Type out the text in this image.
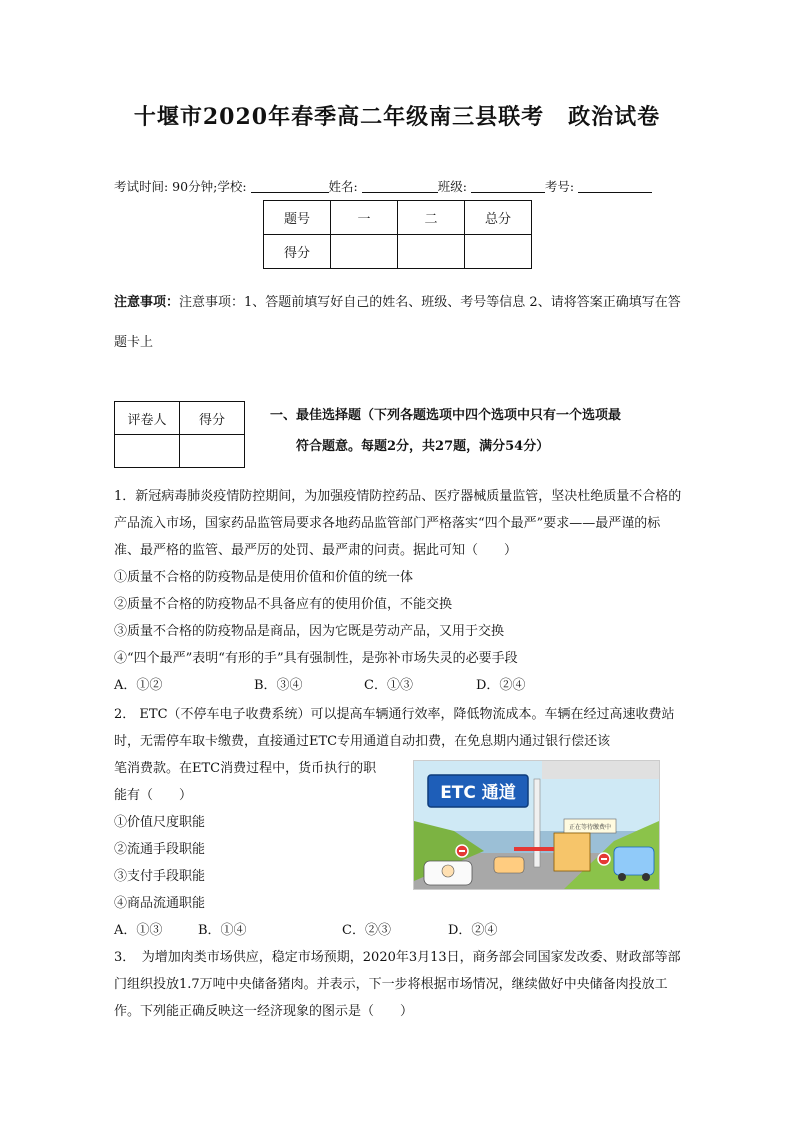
十堰市2020年春季高二年级南三县联考 政治试卷
考试时间: 90分钟;学校:	姓名:	班级:	考号:
题号	一	二	总分
得分			
注意事项：注意事项：1、答题前填写好自己的姓名、班级、考号等信息 2、请将答案正确填写在答题卡上
评卷人	得分
		一、最佳选择题（下列各题选项中四个选项中只有一个选项最
符合题意。每题2分，共27题，满分54分）

1．新冠病毒肺炎疫情防控期间，为加强疫情防控药品、医疗器械质量监管，坚决杜绝质量不合格的产品流入市场，国家药品监管局要求各地药品监管部门严格落实“四个最严”要求——最严谨的标准、最严格的监管、最严厉的处罚、最严肃的问责。据此可知（　　）

①质量不合格的防疫物品是使用价值和价值的统一体

②质量不合格的防疫物品不具备应有的使用价值，不能交换

③质量不合格的防疫物品是商品，因为它既是劳动产品，又用于交换

④“四个最严”表明“有形的手”具有强制性，是弥补市场失灵的必要手段

A．①②	B．③④	C．①③	D．②④

2． ETC（不停车电子收费系统）可以提高车辆通行效率，降低物流成本。车辆在经过高速收费站时，无需停车取卡缴费，直接通过ETC专用通道自动扣费，在免息期内通过银行偿还该

笔消费款。在ETC消费过程中，货币执行的职

能有（　　）

①价值尺度职能

②流通手段职能

③支付手段职能

④商品流通职能

A．①③	B．①④	C．②③	D．②④
ETC 通道
正在等待缴费中

3．　为增加肉类市场供应，稳定市场预期，2020年3月13日，商务部会同国家发改委、财政部等部门组织投放1.7万吨中央储备猪肉。并表示，下一步将根据市场情况，继续做好中央储备肉投放工作。下列能正确反映这一经济现象的图示是（　　）
